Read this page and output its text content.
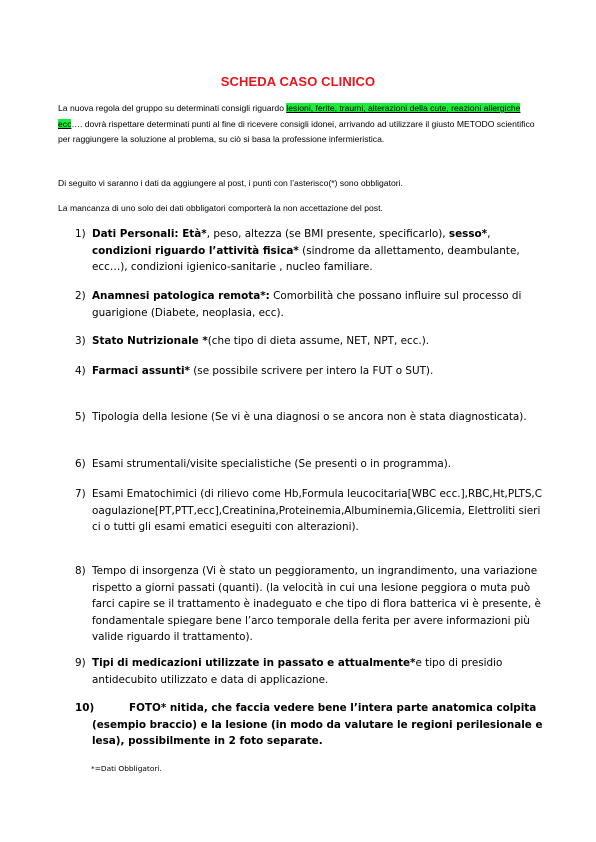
SCHEDA CASO CLINICO
La nuova regola del gruppo su determinati consigli riguardo lesioni, ferite, traumi, alterazioni della cute, reazioni allergiche ecc…. dovrà rispettare determinati punti al fine di ricevere consigli idonei, arrivando ad utilizzare il giusto METODO scientifico per raggiungere la soluzione al problema, su ciò si basa la professione infermieristica.
Di seguito vi saranno i dati da aggiungere al post, i punti con l’asterisco(*) sono obbligatori.
La mancanza di uno solo dei dati obbligatori comporterà la non accettazione del post.
1) Dati Personali: Età*, peso, altezza (se BMI presente, specificarlo), sesso*, condizioni riguardo l’attività fisica* (sindrome da allettamento, deambulante, ecc…), condizioni igienico-sanitarie , nucleo familiare.
2) Anamnesi patologica remota*: Comorbilità che possano influire sul processo di guarigione (Diabete, neoplasia, ecc).
3) Stato Nutrizionale *(che tipo di dieta assume, NET, NPT, ecc.).
4) Farmaci assunti* (se possibile scrivere per intero la FUT o SUT).
5) Tipologia della lesione (Se vi è una diagnosi o se ancora non è stata diagnosticata).
6) Esami strumentali/visite specialistiche (Se presenti o in programma).
7) Esami Ematochimici (di rilievo come Hb,Formula leucocitaria[WBC ecc.],RBC,Ht,PLTS,Coagulazione[PT,PTT,ecc],Creatinina,Proteinemia,Albuminemia,Glicemia, Elettroliti sierici o tutti gli esami ematici eseguiti con alterazioni).
8) Tempo di insorgenza (Vi è stato un peggioramento, un ingrandimento, una variazione rispetto a giorni passati (quanti). (la velocità in cui una lesione peggiora o muta può farci capire se il trattamento è inadeguato e che tipo di flora batterica vi è presente, è fondamentale spiegare bene l’arco temporale della ferita per avere informazioni più valide riguardo il trattamento).
9) Tipi di medicazioni utilizzate in passato e attualmente*e tipo di presidio antidecubito utilizzato e data di applicazione.
10)	FOTO* nitida, che faccia vedere bene l’intera parte anatomica colpita (esempio braccio) e la lesione (in modo da valutare le regioni perilesionale e lesa), possibilmente in 2 foto separate.
*=Dati Obbligatori.
